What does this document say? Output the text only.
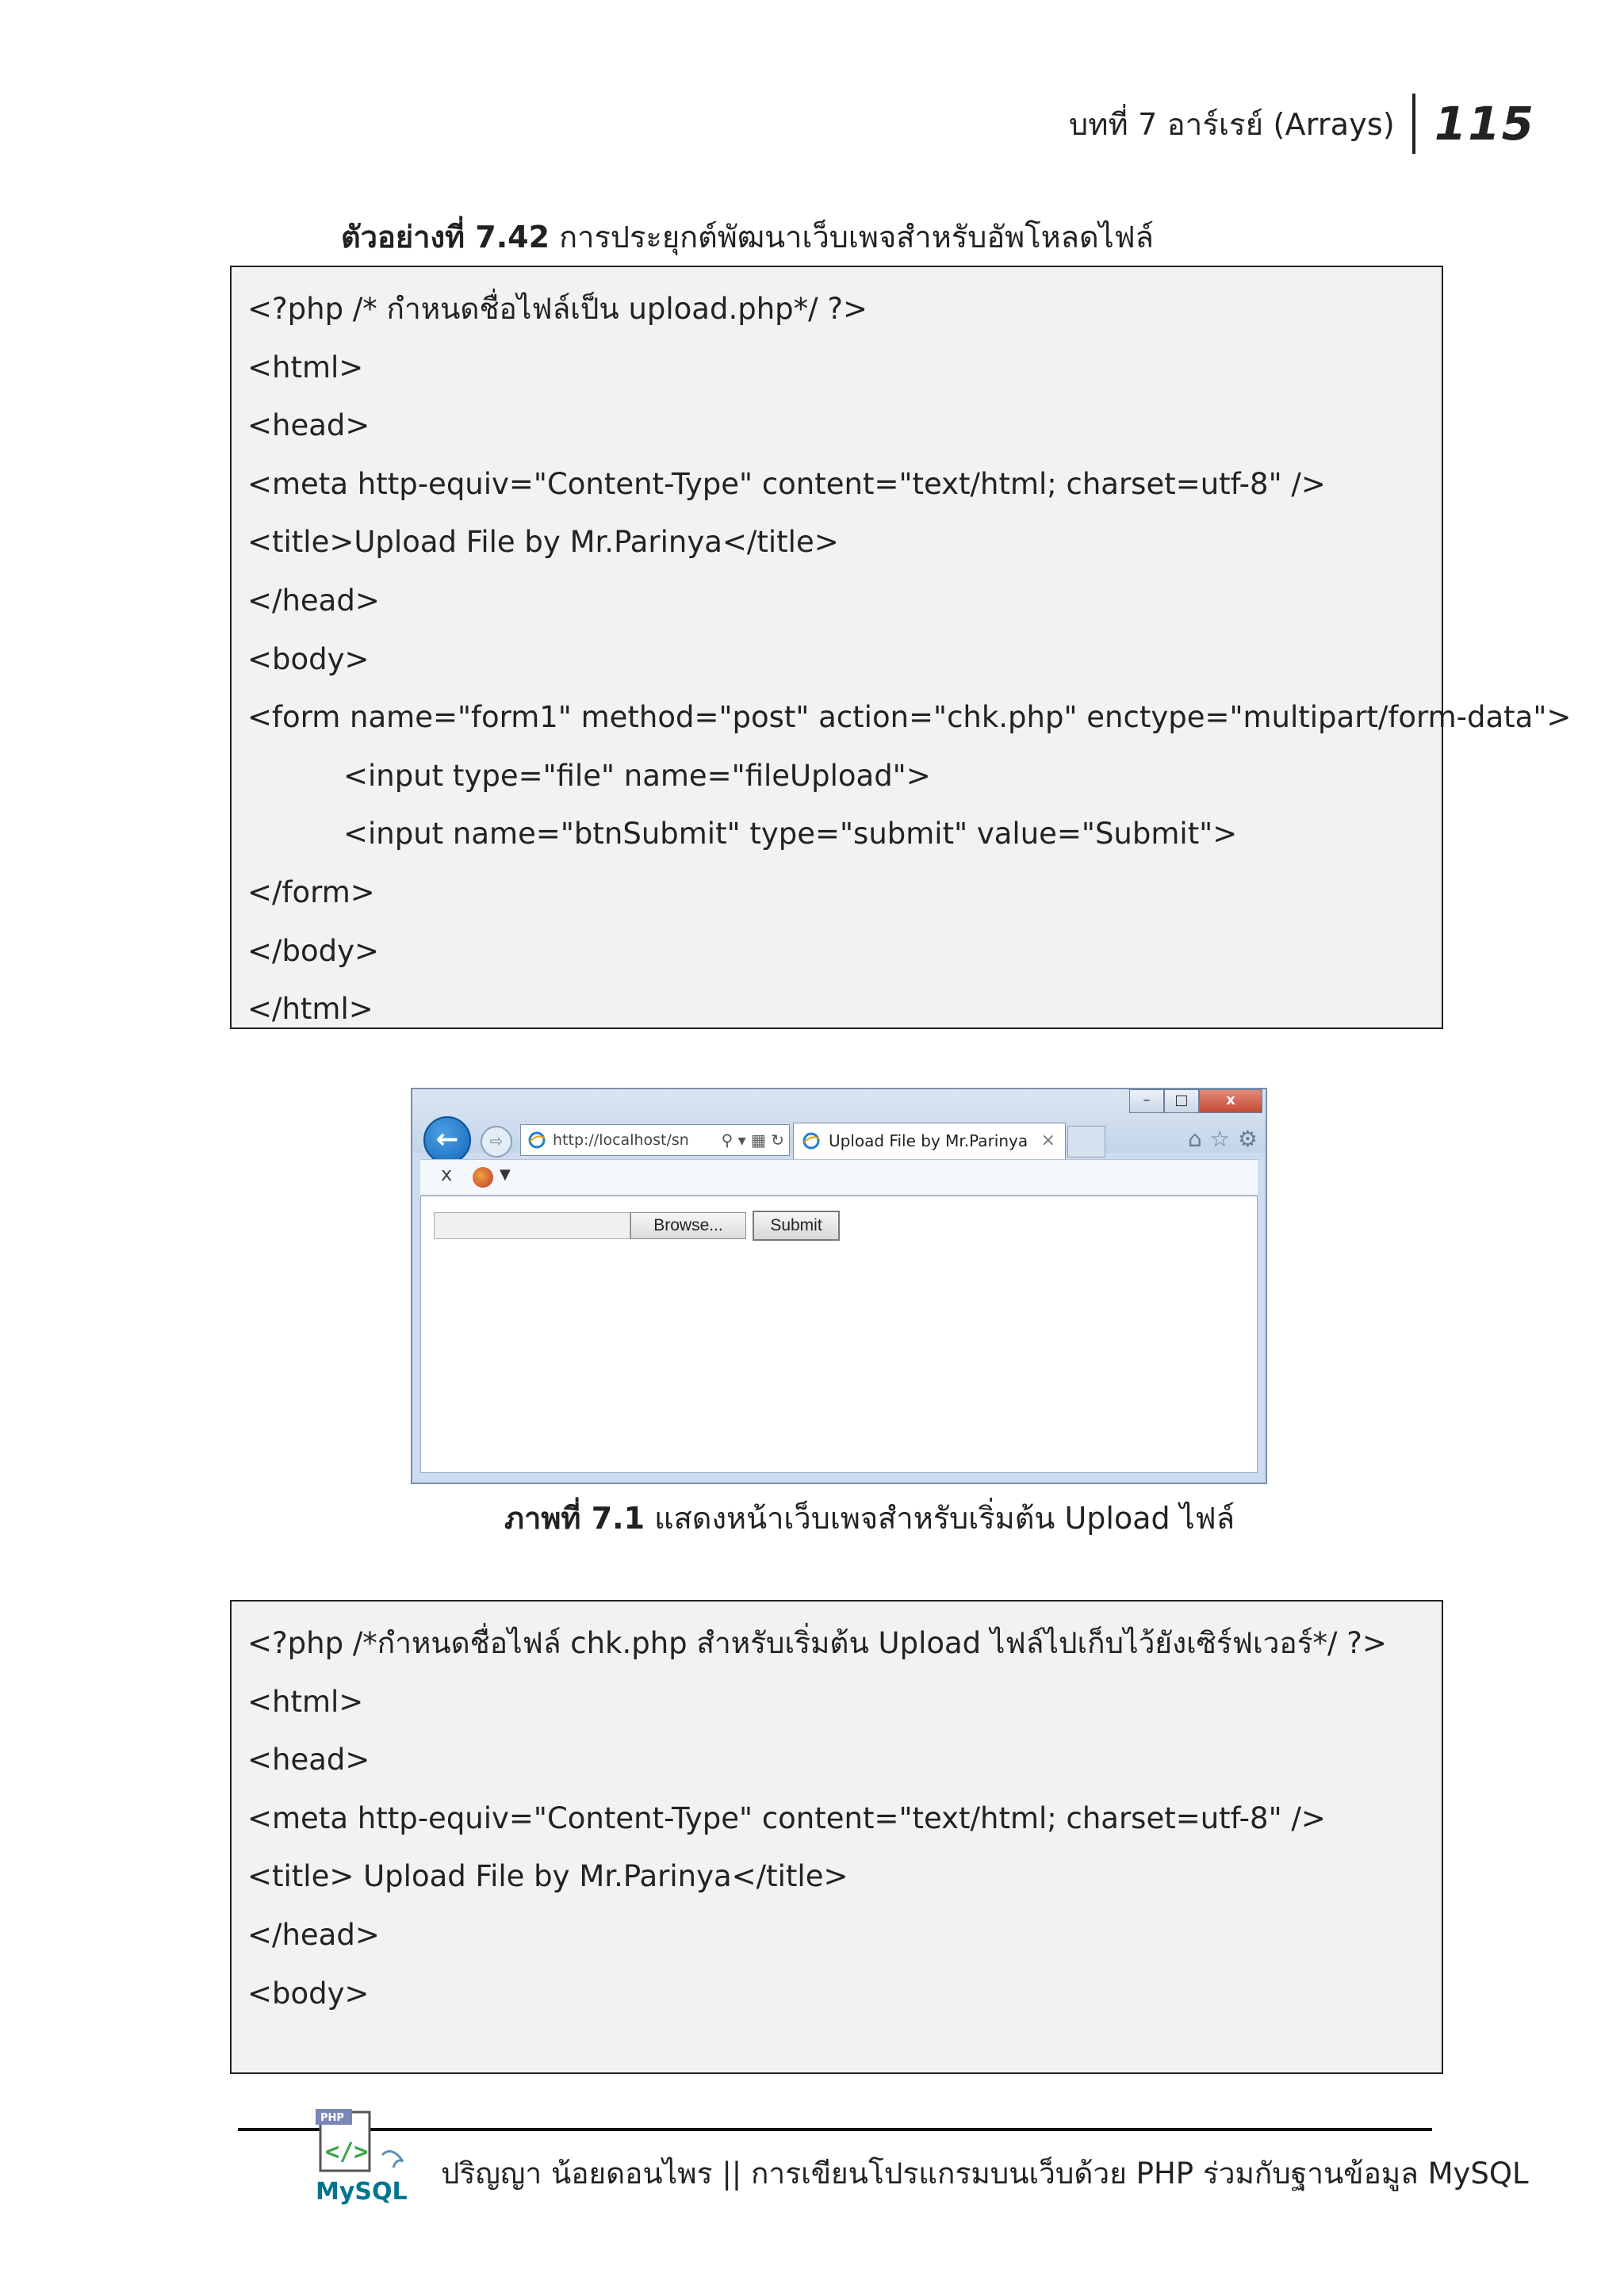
บทที่ 7 อาร์เรย์ (Arrays) 115
ตัวอย่างที่ 7.42 การประยุกต์พัฒนาเว็บเพจสำหรับอัพโหลดไฟล์
<?php /* กำหนดชื่อไฟล์เป็น upload.php*/ ?>
<html>
<head>
<meta http-equiv="Content-Type" content="text/html; charset=utf-8" />
<title>Upload File by Mr.Parinya</title>
</head>
<body>
<form name="form1" method="post" action="chk.php" enctype="multipart/form-data">
<input type="file" name="fileUpload">
<input name="btnSubmit" type="submit" value="Submit">
</form>
</body>
</html>
–	□	x
←	⇨	http://localhost/sn ⚲ ▾ ▦ ↻	Upload File by Mr.Parinya ×	⌂ ☆ ⚙
x	▼
Browse...	Submit
ภาพที่ 7.1 แสดงหน้าเว็บเพจสำหรับเริ่มต้น Upload ไฟล์
<?php /*กำหนดชื่อไฟล์ chk.php สำหรับเริ่มต้น Upload ไฟล์ไปเก็บไว้ยังเซิร์ฟเวอร์*/ ?>
<html>
<head>
<meta http-equiv="Content-Type" content="text/html; charset=utf-8" />
<title> Upload File by Mr.Parinya</title>
</head>
<body>
PHP
</>
MySQL
ปริญญา น้อยดอนไพร || การเขียนโปรแกรมบนเว็บด้วย PHP ร่วมกับฐานข้อมูล MySQL
